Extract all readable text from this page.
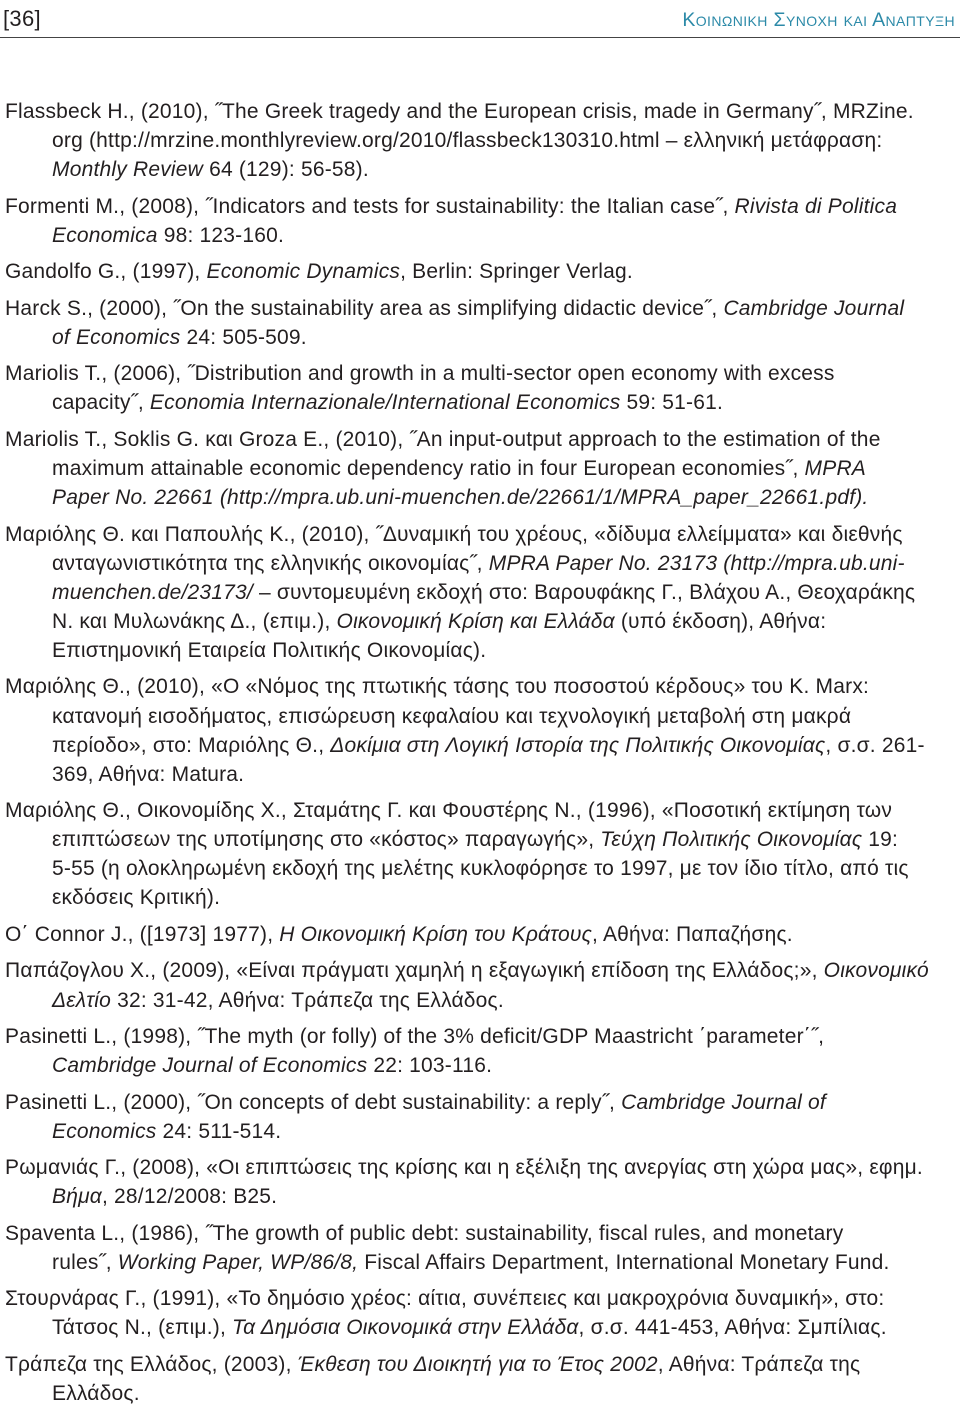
[36]	Κοινωνικη Συνοχη και Αναπτυξη
Flassbeck H., (2010), ˝The Greek tragedy and the European crisis, made in Germany˝, MRZine.
org (http://mrzine.monthlyreview.org/2010/flassbeck130310.html – ελληνική μετάφραση:
Monthly Review 64 (129): 56-58).
Formenti M., (2008), ˝Indicators and tests for sustainability: the Italian case˝, Rivista di Politica
Economica 98: 123-160.
Gandolfo G., (1997), Economic Dynamics, Berlin: Springer Verlag.
Harck S., (2000), ˝On the sustainability area as simplifying didactic device˝, Cambridge Journal
of Economics 24: 505-509.
Mariolis T., (2006), ˝Distribution and growth in a multi-sector open economy with excess
capacity˝, Economia Internazionale/International Economics 59: 51-61.
Mariolis T., Soklis G. και Groza E., (2010), ˝An input-output approach to the estimation of the
maximum attainable economic dependency ratio in four European economies˝, MPRA
Paper No. 22661 (http://mpra.ub.uni-muenchen.de/22661/1/MPRA_paper_22661.pdf).
Μαριόλης Θ. και Παπουλής Κ., (2010), ˝Δυναμική του χρέους, «δίδυμα ελλείμματα» και διεθνής
ανταγωνιστικότητα της ελληνικής οικονομίας˝, MPRA Paper No. 23173 (http://mpra.ub.uni-
muenchen.de/23173/ – συντομευμένη εκδοχή στο: Βαρουφάκης Γ., Βλάχου Α., Θεοχαράκης
Ν. και Μυλωνάκης Δ., (επιμ.), Οικονομική Κρίση και Ελλάδα (υπό έκδοση), Αθήνα:
Επιστημονική Εταιρεία Πολιτικής Οικονομίας).
Μαριόλης Θ., (2010), «Ο «Νόμος της πτωτικής τάσης του ποσοστού κέρδους» του Κ. Marx:
κατανομή εισοδήματος, επισώρευση κεφαλαίου και τεχνολογική μεταβολή στη μακρά
περίοδο», στο: Μαριόλης Θ., Δοκίμια στη Λογική Ιστορία της Πολιτικής Οικονομίας, σ.σ. 261-
369, Αθήνα: Matura.
Μαριόλης Θ., Οικονομίδης Χ., Σταμάτης Γ. και Φουστέρης Ν., (1996), «Ποσοτική εκτίμηση των
επιπτώσεων της υποτίμησης στο «κόστος» παραγωγής», Τεύχη Πολιτικής Οικονομίας 19:
5-55 (η ολοκληρωμένη εκδοχή της μελέτης κυκλοφόρησε το 1997, με τον ίδιο τίτλο, από τις
εκδόσεις Κριτική).
O΄ Connor J., ([1973] 1977), Η Οικονομική Κρίση του Κράτους, Αθήνα: Παπαζήσης.
Παπάζογλου Χ., (2009), «Είναι πράγματι χαμηλή η εξαγωγική επίδοση της Ελλάδος;», Οικονομικό
Δελτίο 32: 31-42, Αθήνα: Τράπεζα της Ελλάδος.
Pasinetti L., (1998), ˝The myth (or folly) of the 3% deficit/GDP Maastricht ΄parameter΄˝,
Cambridge Journal of Economics 22: 103-116.
Pasinetti L., (2000), ˝On concepts of debt sustainability: a reply˝, Cambridge Journal of
Economics 24: 511-514.
Ρωμανιάς Γ., (2008), «Οι επιπτώσεις της κρίσης και η εξέλιξη της ανεργίας στη χώρα μας», εφημ.
Βήμα, 28/12/2008: Β25.
Spaventa L., (1986), ˝The growth of public debt: sustainability, fiscal rules, and monetary
rules˝, Working Paper, WP/86/8, Fiscal Affairs Department, International Monetary Fund.
Στουρνάρας Γ., (1991), «Το δημόσιο χρέος: αίτια, συνέπειες και μακροχρόνια δυναμική», στο:
Τάτσος Ν., (επιμ.), Τα Δημόσια Οικονομικά στην Ελλάδα, σ.σ. 441-453, Αθήνα: Σμπίλιας.
Τράπεζα της Ελλάδος, (2003), Έκθεση του Διοικητή για το Έτος 2002, Αθήνα: Τράπεζα της
Ελλάδος.
